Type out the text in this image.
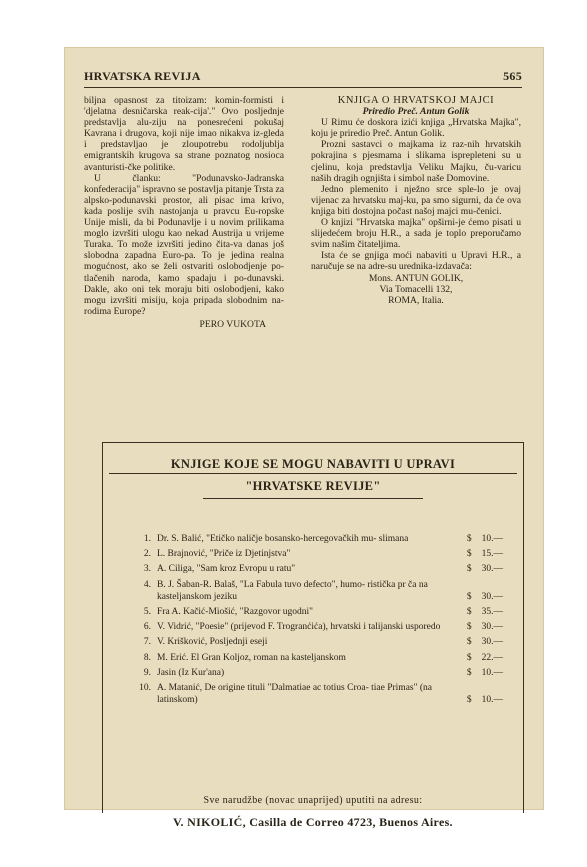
HRVATSKA REVIJA	565

biljna opasnost za titoizam: komin-formisti i 'djelatna desničarska reak-cija'." Ovo posljednje predstavlja alu-ziju na ponesrećeni pokušaj Kavrana i drugova, koji nije imao nikakva iz-gleda i predstavljao je zloupotrebu rodoljublja emigrantskih krugova sa strane poznatog nosioca avanturisti-čke politike.

U članku: "Podunavsko-Jadranska konfederacija" ispravno se postavlja pitanje Trsta za alpsko-podunavski prostor, ali pisac ima krivo, kada poslije svih nastojanja u pravcu Eu-ropske Unije misli, da bi Podunavlje i u novim prilikama moglo izvršiti ulogu kao nekad Austrija u vrijeme Turaka. To može izvršiti jedino čita-va danas još slobodna zapadna Euro-pa. To je jedina realna mogućnost, ako se želi ostvariti oslobodjenje po-tlačenih naroda, kamo spadaju i po-dunavski. Dakle, ako oni tek moraju biti oslobodjeni, kako mogu izvršiti misiju, koja pripada slobodnim na-rodima Europe?

PERO VUKOTA

KNJIGA O HRVATSKOJ MAJCI

Priredio Preč. Antun Golik

U Rimu će doskora izići knjiga „Hrvatska Majka", koju je priredio Preč. Antun Golik.

Prozni sastavci o majkama iz raz-nih hrvatskih pokrajina s pjesmama i slikama isprepleteni su u cjelinu, koja predstavlja Veliku Majku, ču-varicu naših dragih ognjišta i simbol naše Domovine.

Jedno plemenito i nježno srce sple-lo je ovaj vijenac za hrvatsku maj-ku, pa smo sigurni, da će ova knjiga biti dostojna počast našoj majci mu-čenici.

O knjizi "Hrvatska majka" opširni-je ćemo pisati u slijedećem broju H.R., a sada je toplo preporučamo svim našim čitateljima.

Ista će se gnjiga moći nabaviti u Upravi H.R., a naručuje se na adre-su urednika-izdavača:

Mons. ANTUN GOLIK,

Via Tomacelli 132,

ROMA, Italia.

KNJIGE KOJE SE MOGU NABAVITI U UPRAVI
"HRVATSKE REVIJE"
1. Dr. S. Balić, "Etičko naličje bosansko-hercegovačkih mu- slimana	$ 10.—
2. L. Brajnović, "Priče iz Djetinjstva"	$ 15.—
3. A. Ciliga, "Sam kroz Evropu u ratu"	$ 30.—
4. B. J. Šaban-R. Balaš, "La Fabula tuvo defecto", humo- ristička pr ča na kasteljanskom jeziku	$ 30.—
5. Fra A. Kačić-Miošić, "Razgovor ugodni"	$ 35.—
6. V. Vidrić, "Poesie" (prijevod F. Trogranćića), hrvatski i talijanski usporedo	$ 30.—
7. V. Krišković, Posljednji eseji	$ 30.—
8. M. Erić. El Gran Koljoz, roman na kasteljanskom	$ 22.—
9. Jasin (Iz Kur'ana)	$ 10.—
10. A. Matanić, De origine tituli "Dalmatiae ac totius Croa- tiae Primas" (na latinskom)	$ 10.—
Sve narudžbe (novac unaprijed) uputiti na adresu:
V. NIKOLIĆ, Casilla de Correo 4723, Buenos Aires.
